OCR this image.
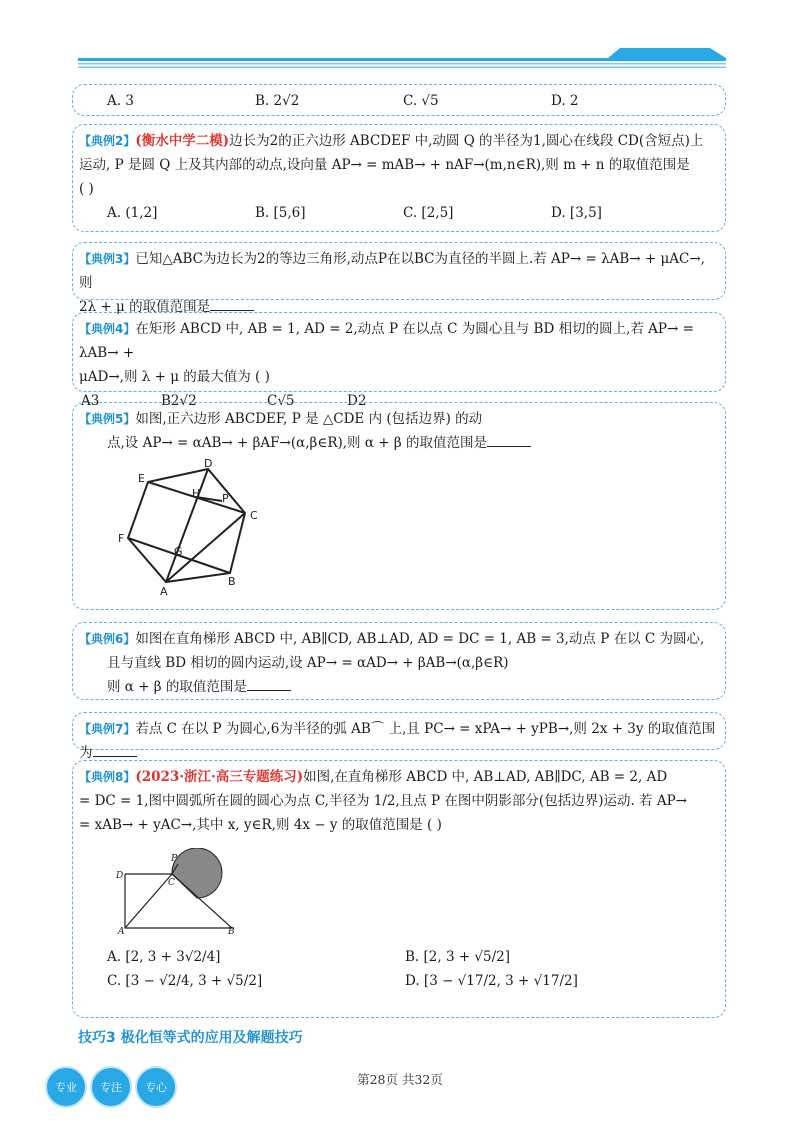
A. 3	B. 2√2	C. √5	D. 2
【典例2】(衡水中学二模)边长为2的正六边形 ABCDEF 中,动圆 Q 的半径为1,圆心在线段 CD(含短点)上
运动, P 是圆 Q 上及其内部的动点,设向量 AP→ = mAB→ + nAF→(m,n∈R),则 m + n 的取值范围是
( )
A. (1,2]	B. [5,6]	C. [2,5]	D. [3,5]
【典例3】已知△ABC为边长为2的等边三角形,动点P在以BC为直径的半圆上.若 AP→ = λAB→ + μAC→,则
2λ + μ 的取值范围是
【典例4】在矩形 ABCD 中, AB = 1, AD = 2,动点 P 在以点 C 为圆心且与 BD 相切的圆上,若 AP→ = λAB→ +
μAD→,则 λ + μ 的最大值为 ( )
A3	B2√2	C√5	D2
【典例5】如图,正六边形 ABCDEF, P 是 △CDE 内 (包括边界) 的动
点,设 AP→ = αAB→ + βAF→(α,β∈R),则 α + β 的取值范围是
E
D
H P
C
F
G
A
B
【典例6】如图在直角梯形 ABCD 中, AB∥CD, AB⊥AD, AD = DC = 1, AB = 3,动点 P 在以 C 为圆心,
且与直线 BD 相切的圆内运动,设 AP→ = αAD→ + βAB→(α,β∈R)
则 α + β 的取值范围是
【典例7】若点 C 在以 P 为圆心,6为半径的弧 AB⌒ 上,且 PC→ = xPA→ + yPB→,则 2x + 3y 的取值范围为
【典例8】(2023·浙江·高三专题练习)如图,在直角梯形 ABCD 中, AB⊥AD, AB∥DC, AB = 2, AD
= DC = 1,图中圆弧所在圆的圆心为点 C,半径为 1/2,且点 P 在图中阴影部分(包括边界)运动. 若 AP→
= xAB→ + yAC→,其中 x, y∈R,则 4x − y 的取值范围是 ( )
A. [2, 3 + 3√2/4]	B. [2, 3 + √5/2]
C. [3 − √2/4, 3 + √5/2]	D. [3 − √17/2, 3 + √17/2]
D
C
P
A	B
技巧3 极化恒等式的应用及解题技巧
专业	专注	专心
第28页 共32页
